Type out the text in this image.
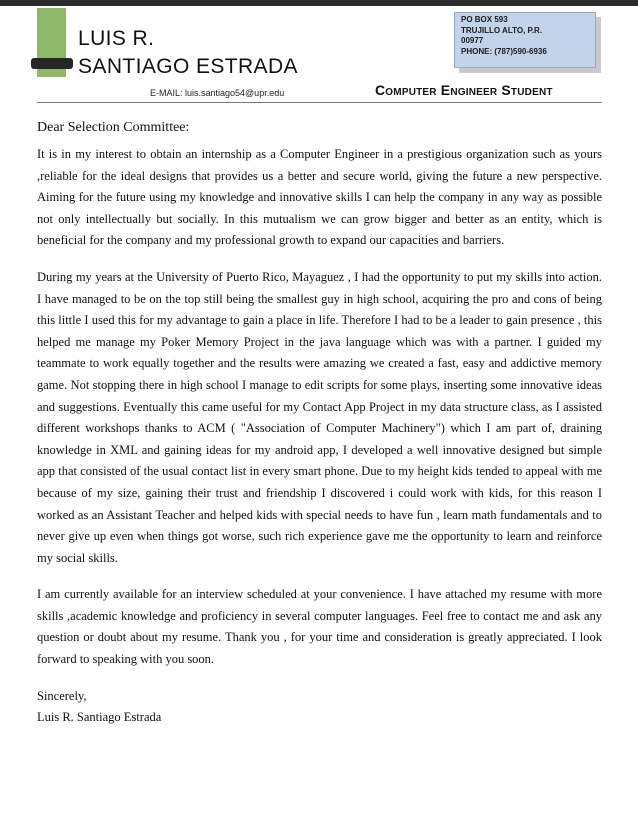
LUIS R.
SANTIAGO ESTRADA
E-MAIL: luis.santiago54@upr.edu	Computer Engineer Student
PO BOX 593
TRUJILLO ALTO, P.R.
00977
PHONE: (787)590-6936
Dear Selection Committee:

It is in my interest to obtain an internship as a Computer Engineer in a prestigious organization such as yours ,reliable for the ideal designs that provides us a better and secure world, giving the future a new perspective. Aiming for the future using my knowledge and innovative skills I can help the company in any way as possible not only intellectually but socially. In this mutualism we can grow bigger and better as an entity, which is beneficial for the company and my professional growth to expand our capacities and barriers.

During my years at the University of Puerto Rico, Mayaguez , I had the opportunity to put my skills into action. I have managed to be on the top still being the smallest guy in high school, acquiring the pro and cons of being this little I used this for my advantage to gain a place in life. Therefore I had to be a leader to gain presence , this helped me manage my Poker Memory Project in the java language which was with a partner. I guided my teammate to work equally together and the results were amazing we created a fast, easy and addictive memory game. Not stopping there in high school I manage to edit scripts for some plays, inserting some innovative ideas and suggestions. Eventually this came useful for my Contact App Project in my data structure class, as I assisted different workshops thanks to ACM ( "Association of Computer Machinery") which I am part of, draining knowledge in XML and gaining ideas for my android app, I developed a well innovative designed but simple app that consisted of the usual contact list in every smart phone. Due to my height kids tended to appeal with me because of my size, gaining their trust and friendship I discovered i could work with kids, for this reason I worked as an Assistant Teacher and helped kids with special needs to have fun , learn math fundamentals and to never give up even when things got worse, such rich experience gave me the opportunity to learn and reinforce my social skills.

I am currently available for an interview scheduled at your convenience. I have attached my resume with more skills ,academic knowledge and proficiency in several computer languages. Feel free to contact me and ask any question or doubt about my resume. Thank you , for your time and consideration is greatly appreciated. I look forward to speaking with you soon.

Sincerely,
Luis R. Santiago Estrada
